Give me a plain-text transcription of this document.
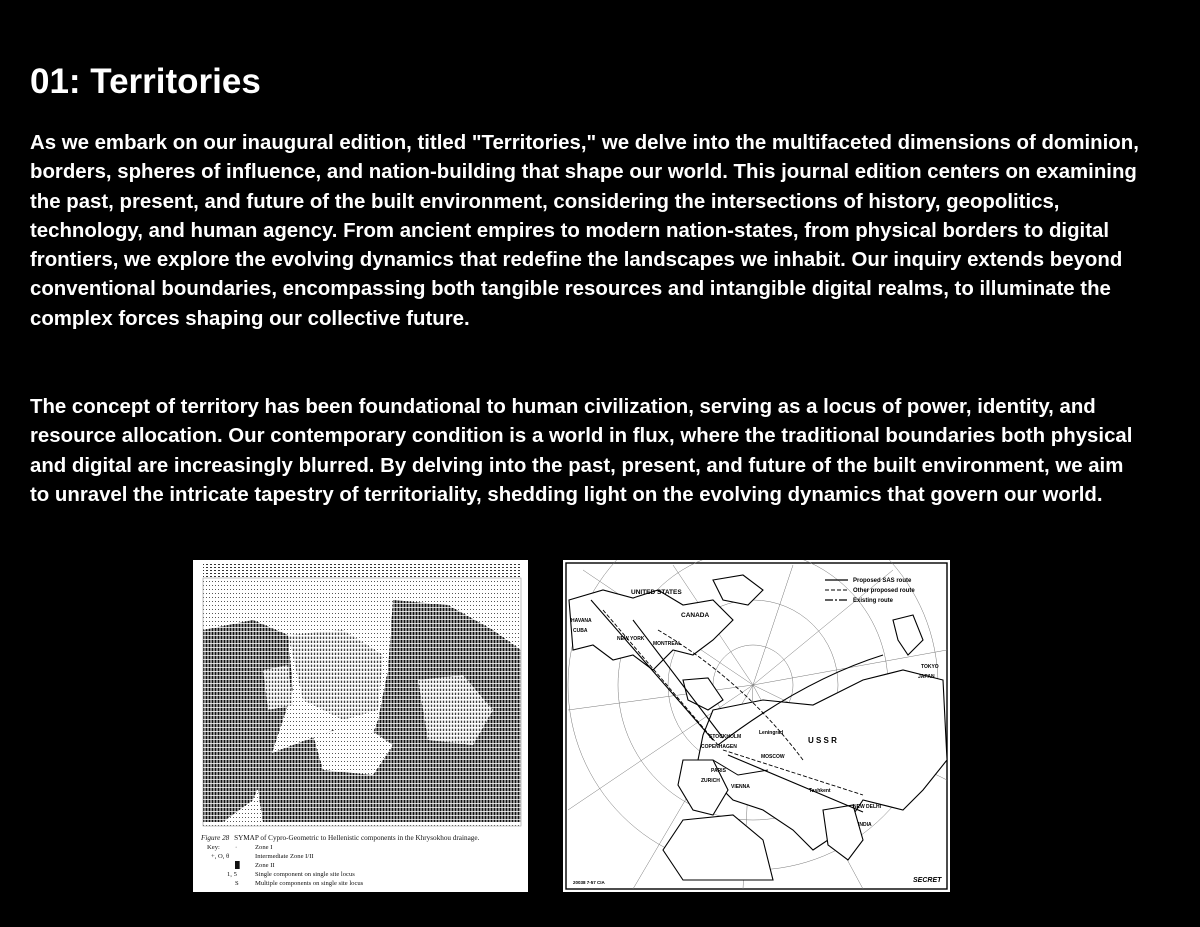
01: Territories

As we embark on our inaugural edition, titled "Territories," we delve into the multifaceted dimensions of dominion, borders, spheres of influence, and nation-building that shape our world. This journal edition centers on examining the past, present, and future of the built environment, considering the intersections of history, geopolitics, technology, and human agency. From ancient empires to modern nation-states, from physical borders to digital frontiers, we explore the evolving dynamics that redefine the landscapes we inhabit. Our inquiry extends beyond conventional boundaries, encompassing both tangible resources and intangible digital realms, to illuminate the complex forces shaping our collective future.

The concept of territory has been foundational to human civilization, serving as a locus of power, identity, and resource allocation. Our contemporary condition is a world in flux, where the traditional boundaries both physical and digital are increasingly blurred. By delving into the past, present, and future of the built environment, we aim to unravel the intricate tapestry of territoriality, shedding light on the evolving dynamics that govern our world.

Figure 28 SYMAP of Cypro-Geometric to Hellenistic components in the Khrysokhou drainage.
Key: ·	Zone I
+, O, θ	Intermediate Zone I/II
█ Zone II
1, 5	Single component on single site locus
S Multiple components on single site locus
Proposed SAS route
Other proposed route
Existing route
UNITED STATES
CANADA
NEW YORK
MONTREAL
CUBA
HAVANA
U S S R
STOCKHOLM
COPENHAGEN
Leningrad
MOSCOW
PARIS
ZURICH
VIENNA
Tashkent
NEW DELHI
INDIA
TOKYO
JAPAN
SECRET
20038 7-57 CIA
